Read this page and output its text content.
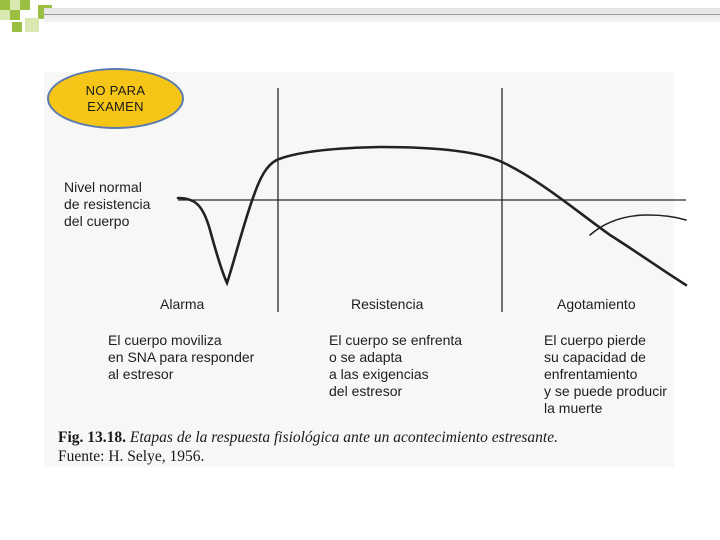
NO PARA
EXAMEN
Nivel normal
de resistencia
del cuerpo
Alarma	Resistencia	Agotamiento
El cuerpo moviliza
en SNA para responder
al estresor
El cuerpo se enfrenta
o se adapta
a las exigencias
del estresor
El cuerpo pierde
su capacidad de
enfrentamiento
y se puede producir
la muerte
Fig. 13.18. Etapas de la respuesta fisiológica ante un acontecimiento estresante.
Fuente: H. Selye, 1956.
